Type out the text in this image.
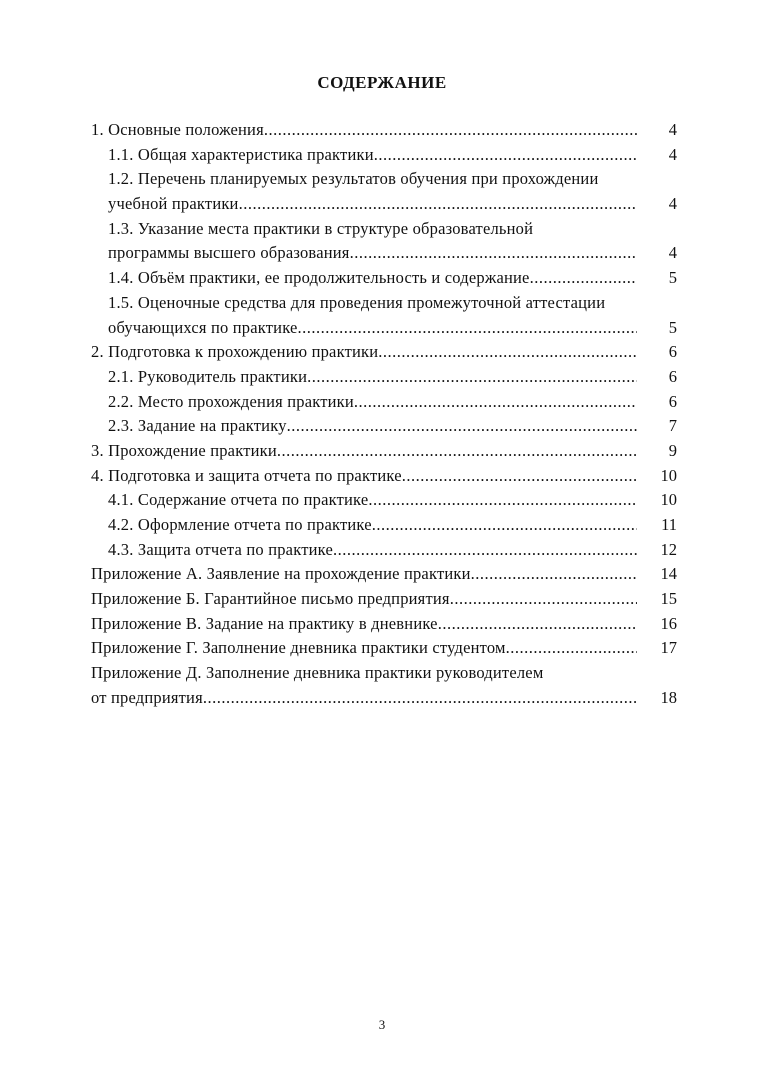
СОДЕРЖАНИЕ
1. Основные положения .....	4
1.1. Общая характеристика практики .....	4
1.2. Перечень планируемых результатов обучения при прохождении
учебной практики .....	4
1.3. Указание места практики в структуре образовательной
программы высшего образования .....	4
1.4. Объём практики, ее продолжительность и содержание .....	5
1.5. Оценочные средства для проведения промежуточной аттестации
обучающихся по практике .....	5
2. Подготовка к прохождению практики .....	6
2.1. Руководитель практики .....	6
2.2. Место прохождения практики .....	6
2.3. Задание на практику .....	7
3. Прохождение практики .....	9
4. Подготовка и защита отчета по практике .....	10
4.1. Содержание отчета по практике .....	10
4.2. Оформление отчета по практике .....	11
4.3. Защита отчета по практике .....	12
Приложение А. Заявление на прохождение практики .....	14
Приложение Б. Гарантийное письмо предприятия .....	15
Приложение В. Задание на практику в дневнике .....	16
Приложение Г. Заполнение дневника практики студентом .....	17
Приложение Д. Заполнение дневника практики руководителем
от предприятия .....	18
3
